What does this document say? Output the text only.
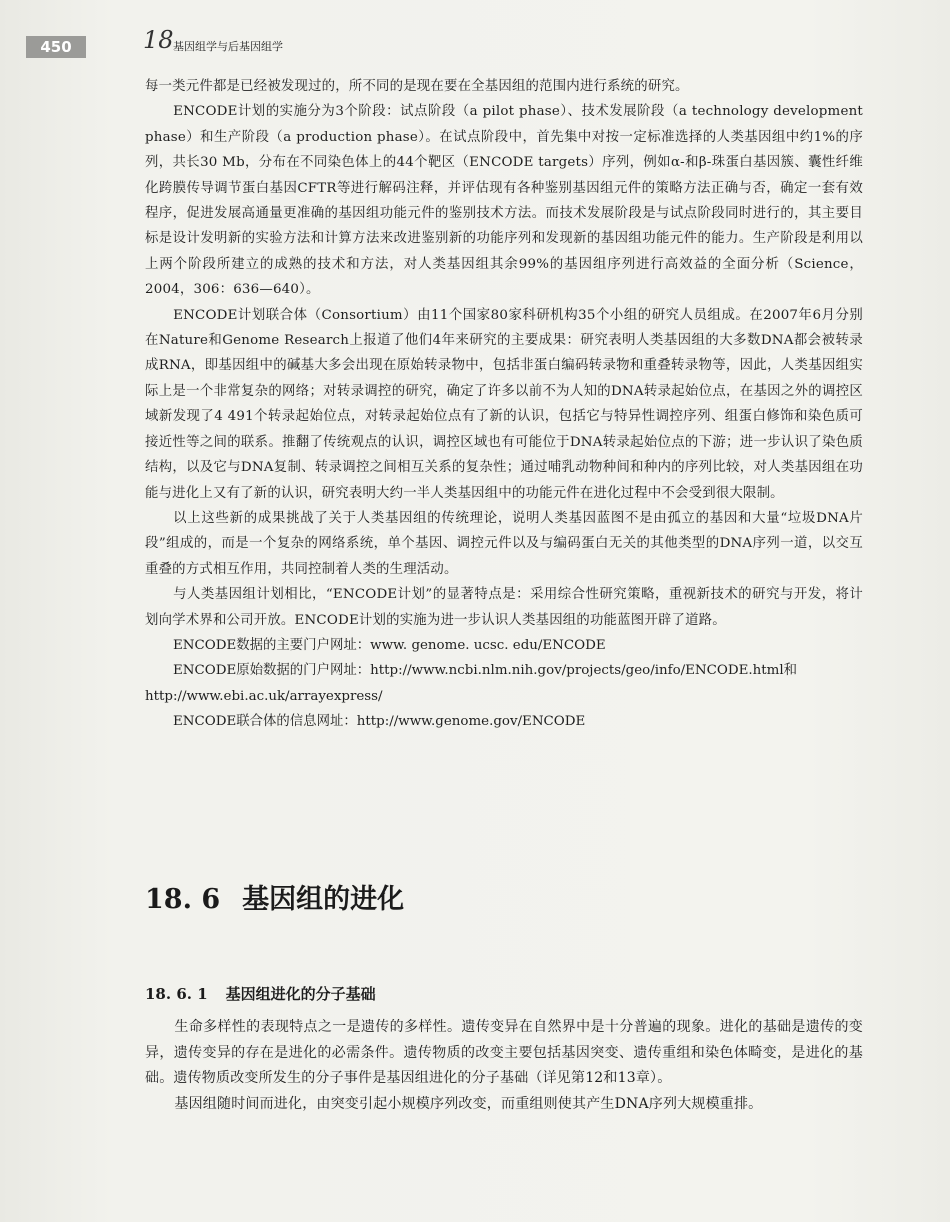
450	18 基因组学与后基因组学

每一类元件都是已经被发现过的，所不同的是现在要在全基因组的范围内进行系统的研究。

ENCODE计划的实施分为3个阶段：试点阶段（a pilot phase）、技术发展阶段（a technology development phase）和生产阶段（a production phase）。在试点阶段中，首先集中对按一定标准选择的人类基因组中约1%的序列，共长30 Mb，分布在不同染色体上的44个靶区（ENCODE targets）序列，例如α-和β-珠蛋白基因簇、囊性纤维化跨膜传导调节蛋白基因CFTR等进行解码注释，并评估现有各种鉴别基因组元件的策略方法正确与否，确定一套有效程序，促进发展高通量更准确的基因组功能元件的鉴别技术方法。而技术发展阶段是与试点阶段同时进行的，其主要目标是设计发明新的实验方法和计算方法来改进鉴别新的功能序列和发现新的基因组功能元件的能力。生产阶段是利用以上两个阶段所建立的成熟的技术和方法，对人类基因组其余99%的基因组序列进行高效益的全面分析（Science，2004，306：636—640）。

ENCODE计划联合体（Consortium）由11个国家80家科研机构35个小组的研究人员组成。在2007年6月分别在Nature和Genome Research上报道了他们4年来研究的主要成果：研究表明人类基因组的大多数DNA都会被转录成RNA，即基因组中的碱基大多会出现在原始转录物中，包括非蛋白编码转录物和重叠转录物等，因此，人类基因组实际上是一个非常复杂的网络；对转录调控的研究，确定了许多以前不为人知的DNA转录起始位点，在基因之外的调控区域新发现了4 491个转录起始位点，对转录起始位点有了新的认识，包括它与特异性调控序列、组蛋白修饰和染色质可接近性等之间的联系。推翻了传统观点的认识，调控区域也有可能位于DNA转录起始位点的下游；进一步认识了染色质结构，以及它与DNA复制、转录调控之间相互关系的复杂性；通过哺乳动物种间和种内的序列比较，对人类基因组在功能与进化上又有了新的认识，研究表明大约一半人类基因组中的功能元件在进化过程中不会受到很大限制。

以上这些新的成果挑战了关于人类基因组的传统理论，说明人类基因蓝图不是由孤立的基因和大量“垃圾DNA片段”组成的，而是一个复杂的网络系统，单个基因、调控元件以及与编码蛋白无关的其他类型的DNA序列一道，以交互重叠的方式相互作用，共同控制着人类的生理活动。

与人类基因组计划相比，“ENCODE计划”的显著特点是：采用综合性研究策略，重视新技术的研究与开发，将计划向学术界和公司开放。ENCODE计划的实施为进一步认识人类基因组的功能蓝图开辟了道路。

ENCODE数据的主要门户网址：www. genome. ucsc. edu/ENCODE

ENCODE原始数据的门户网址：http://www.ncbi.nlm.nih.gov/projects/geo/info/ENCODE.html和

http://www.ebi.ac.uk/arrayexpress/

ENCODE联合体的信息网址：http://www.genome.gov/ENCODE

18. 6 基因组的进化
18. 6. 1 基因组进化的分子基础

生命多样性的表现特点之一是遗传的多样性。遗传变异在自然界中是十分普遍的现象。进化的基础是遗传的变异，遗传变异的存在是进化的必需条件。遗传物质的改变主要包括基因突变、遗传重组和染色体畸变，是进化的基础。遗传物质改变所发生的分子事件是基因组进化的分子基础（详见第12和13章）。

基因组随时间而进化，由突变引起小规模序列改变，而重组则使其产生DNA序列大规模重排。
